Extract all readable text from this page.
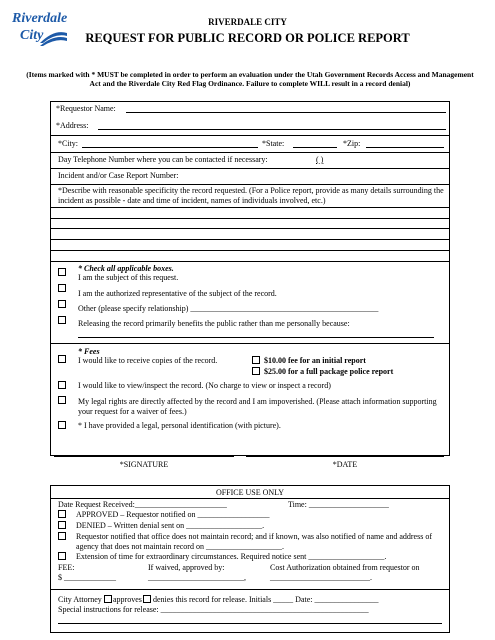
Riverdale
City
RIVERDALE CITY
REQUEST FOR PUBLIC RECORD OR POLICE REPORT
(Items marked with * MUST be completed in order to perform an evaluation under the Utah Government Records Access and Management Act and the Riverdale City Red Flag Ordinance. Failure to complete WILL result in a record denial)
*Requestor Name:
*Address:
*City:	*State:	*Zip:
Day Telephone Number where you can be contacted if necessary:	( )
Incident and/or Case Report Number:
*Describe with reasonable specificity the record requested. (For a Police report, provide as many details surrounding the incident as possible - date and time of incident, names of individuals involved, etc.)
* Check all applicable boxes.
I am the subject of this request.
I am the authorized representative of the subject of the record.
Other (please specify relationship) _______________________________________________
Releasing the record primarily benefits the public rather than me personally because:
* Fees
I would like to receive copies of the record.	$10.00 fee for an initial report
$25.00 for a full package police report
I would like to view/inspect the record. (No charge to view or inspect a record)
My legal rights are directly affected by the record and I am impoverished. (Please attach information supporting your request for a waiver of fees.)
* I have provided a legal, personal identification (with picture).
*SIGNATURE	*DATE
OFFICE USE ONLY
Date Request Received:_______________________	Time: ____________________
APPROVED – Requestor notified on __________________
DENIED – Written denial sent on ___________________.
Requestor notified that office does not maintain record; and if known, was also notified of name and address of agency that does not maintain record on ___________________.
Extension of time for extraordinary circumstances. Required notice sent ___________________.
FEE:
$ _____________
If waived, approved by:
________________________,
Cost Authorization obtained from requestor on
_________________________.
City Attorney approves denies this record for release. Initials _____ Date: ________________
Special instructions for release: ____________________________________________________
